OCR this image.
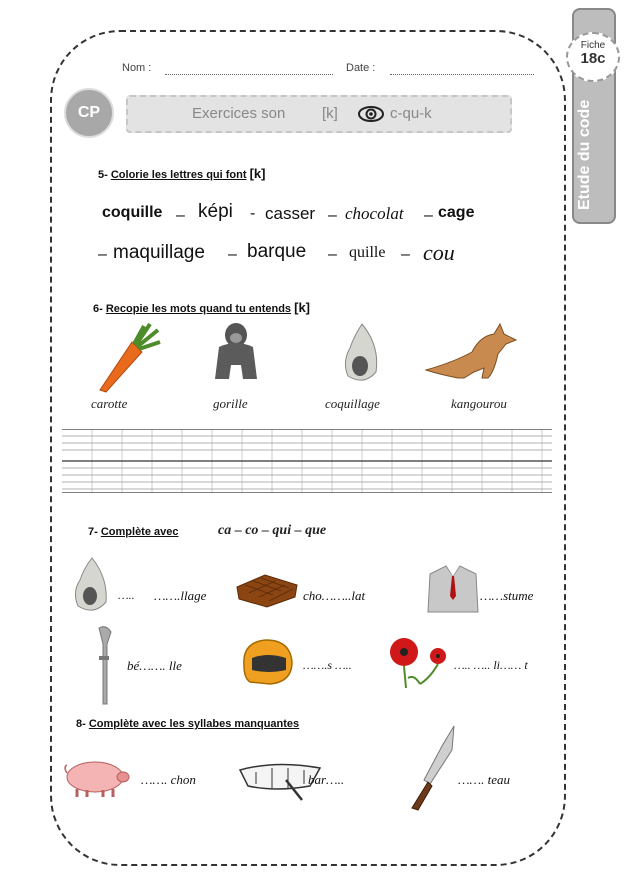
Etude du code
Fiche
18c
Nom :	Date :
CP	Exercices son [k]	c-qu-k
5- Colorie les lettres qui font [k]
coquille – képi - casser – chocolat – cage
– maquillage – barque – quille – cou
6- Recopie les mots quand tu entends [k]
carotte	gorille	coquillage	kangourou
7- Complète avec	ca – co – qui – que
….. …….llage	cho……..lat	……stume
bé……. lle	…….s …..	….. ….. li…… t
8- Complète avec les syllabes manquantes
……. chon	bar…..	……. teau
